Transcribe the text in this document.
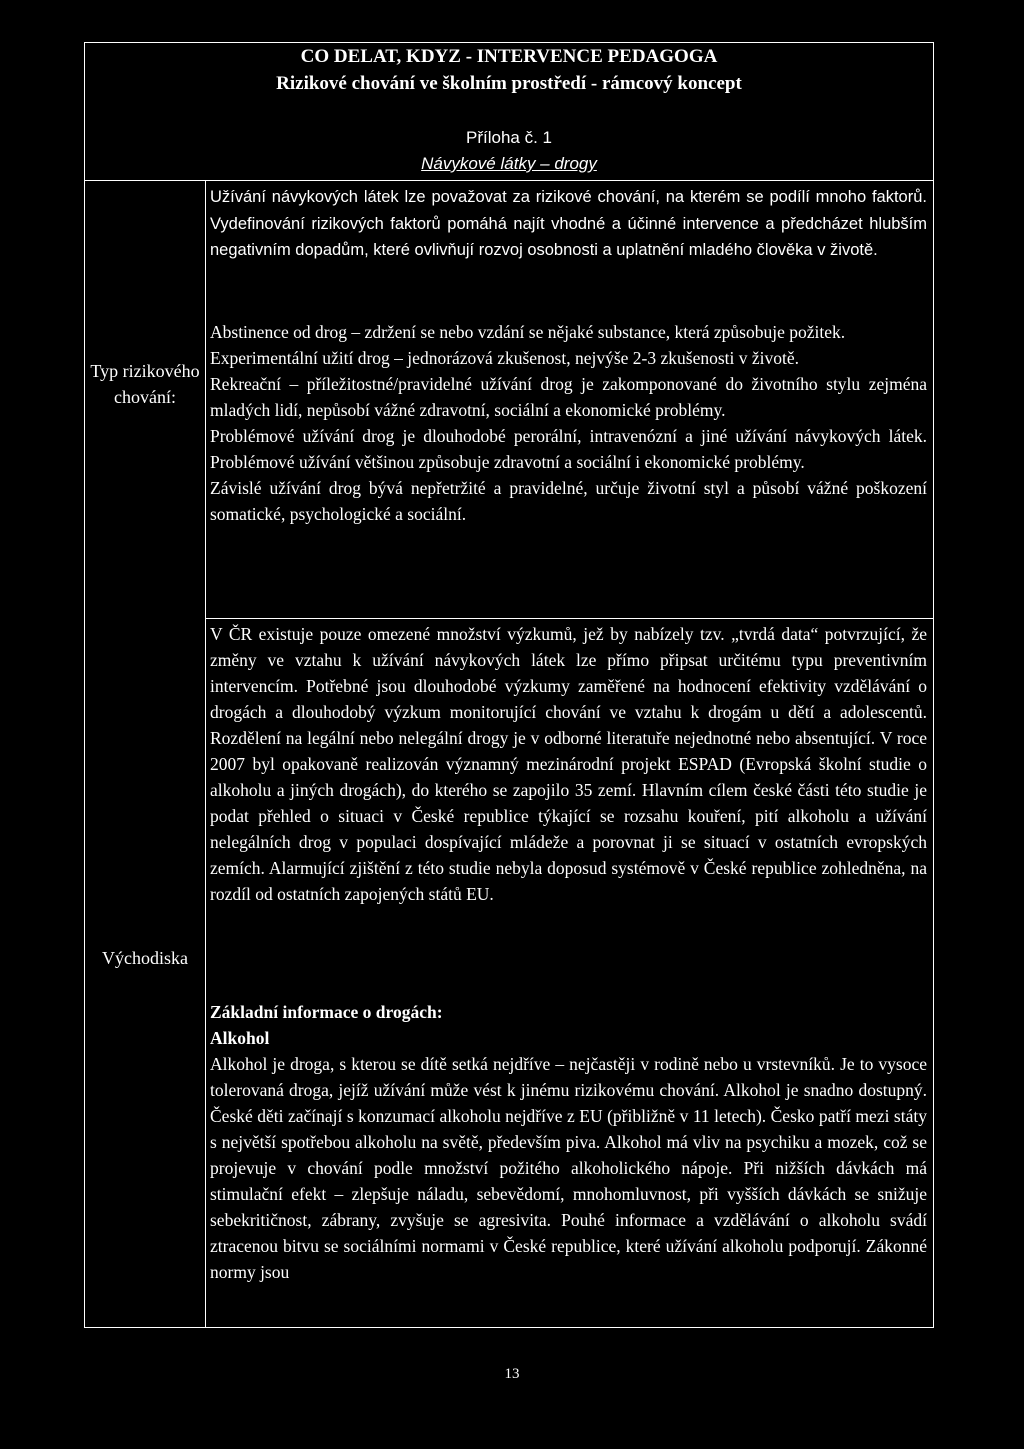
CO DELAT, KDYZ - INTERVENCE PEDAGOGA
Rizikové chování ve školním prostředí - rámcový koncept
Příloha č. 1
Návykové látky – drogy
Užívání návykových látek lze považovat za rizikové chování, na kterém se podílí mnoho faktorů. Vydefinování rizikových faktorů pomáhá najít vhodné a účinné intervence a předcházet hlubším negativním dopadům, které ovlivňují rozvoj osobnosti a uplatnění mladého člověka v životě.
Typ rizikového chování:

Abstinence od drog – zdržení se nebo vzdání se nějaké substance, která způsobuje požitek.

Experimentální užití drog – jednorázová zkušenost, nejvýše 2-3 zkušenosti v životě.

Rekreační – příležitostné/pravidelné užívání drog je zakomponované do životního stylu zejména mladých lidí, nepůsobí vážné zdravotní, sociální a ekonomické problémy.

Problémové užívání drog je dlouhodobé perorální, intravenózní a jiné užívání návykových látek. Problémové užívání většinou způsobuje zdravotní a sociální i ekonomické problémy.

Závislé užívání drog bývá nepřetržité a pravidelné, určuje životní styl a působí vážné poškození somatické, psychologické a sociální.

Východiska
V ČR existuje pouze omezené množství výzkumů, jež by nabízely tzv. „tvrdá data“ potvrzující, že změny ve vztahu k užívání návykových látek lze přímo připsat určitému typu preventivním intervencím. Potřebné jsou dlouhodobé výzkumy zaměřené na hodnocení efektivity vzdělávání o drogách a dlouhodobý výzkum monitorující chování ve vztahu k drogám u dětí a adolescentů. Rozdělení na legální nebo nelegální drogy je v odborné literatuře nejednotné nebo absentující. V roce 2007 byl opakovaně realizován významný mezinárodní projekt ESPAD (Evropská školní studie o alkoholu a jiných drogách), do kterého se zapojilo 35 zemí. Hlavním cílem české části této studie je podat přehled o situaci v České republice týkající se rozsahu kouření, pití alkoholu a užívání nelegálních drog v populaci dospívající mládeže a porovnat ji se situací v ostatních evropských zemích. Alarmující zjištění z této studie nebyla doposud systémově v České republice zohledněna, na rozdíl od ostatních zapojených států EU.

Základní informace o drogách:

Alkohol

Alkohol je droga, s kterou se dítě setká nejdříve – nejčastěji v rodině nebo u vrstevníků. Je to vysoce tolerovaná droga, jejíž užívání může vést k jinému rizikovému chování. Alkohol je snadno dostupný. České děti začínají s konzumací alkoholu nejdříve z EU (přibližně v 11 letech). Česko patří mezi státy s největší spotřebou alkoholu na světě, především piva. Alkohol má vliv na psychiku a mozek, což se projevuje v chování podle množství požitého alkoholického nápoje. Při nižších dávkách má stimulační efekt – zlepšuje náladu, sebevědomí, mnohomluvnost, při vyšších dávkách se snižuje sebekritičnost, zábrany, zvyšuje se agresivita. Pouhé informace a vzdělávání o alkoholu svádí ztracenou bitvu se sociálními normami v České republice, které užívání alkoholu podporují. Zákonné normy jsou

13
